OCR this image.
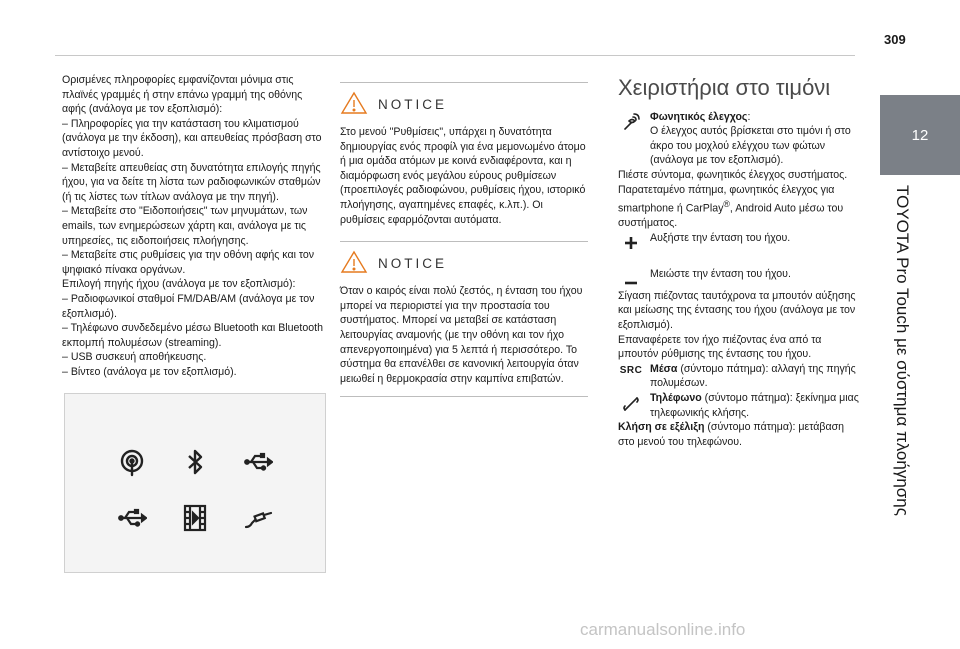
309
12
TOYOTA Pro Touch με σύστημα πλοήγησης

Ορισμένες πληροφορίες εμφανίζονται μόνιμα στις πλαϊνές γραμμές ή στην επάνω γραμμή της οθόνης αφής (ανάλογα με τον εξοπλισμό):

– Πληροφορίες για την κατάσταση του κλιματισμού (ανάλογα με την έκδοση), και απευθείας πρόσβαση στο αντίστοιχο μενού.

– Μεταβείτε απευθείας στη δυνατότητα επιλογής πηγής ήχου, για να δείτε τη λίστα των ραδιοφωνικών σταθμών (ή τις λίστες των τίτλων ανάλογα με την πηγή).

– Μεταβείτε στο "Ειδοποιήσεις" των μηνυμάτων, των emails, των ενημερώσεων χάρτη και, ανάλογα με τις υπηρεσίες, τις ειδοποιήσεις πλοήγησης.

– Μεταβείτε στις ρυθμίσεις για την οθόνη αφής και τον ψηφιακό πίνακα οργάνων.

Επιλογή πηγής ήχου (ανάλογα με τον εξοπλισμό):

– Ραδιοφωνικοί σταθμοί FM/DAB/AM (ανάλογα με τον εξοπλισμό).

– Τηλέφωνο συνδεδεμένο μέσω Bluetooth και Bluetooth εκπομπή πολυμέσων (streaming).

– USB συσκευή αποθήκευσης.

– Βίντεο (ανάλογα με τον εξοπλισμό).

NOTICE

Στο μενού "Ρυθμίσεις", υπάρχει η δυνατότητα δημιουργίας ενός προφίλ για ένα μεμονωμένο άτομο ή μια ομάδα ατόμων με κοινά ενδιαφέροντα, και η διαμόρφωση ενός μεγάλου εύρους ρυθμίσεων (προεπιλογές ραδιοφώνου, ρυθμίσεις ήχου, ιστορικό πλοήγησης, αγαπημένες επαφές, κ.λπ.). Οι ρυθμίσεις εφαρμόζονται αυτόματα.

NOTICE

Όταν ο καιρός είναι πολύ ζεστός, η ένταση του ήχου μπορεί να περιοριστεί για την προστασία του συστήματος. Μπορεί να μεταβεί σε κατάσταση λειτουργίας αναμονής (με την οθόνη και τον ήχο απενεργοποιημένα) για 5 λεπτά ή περισσότερο. Το σύστημα θα επανέλθει σε κανονική λειτουργία όταν μειωθεί η θερμοκρασία στην καμπίνα επιβατών.

Χειριστήρια στο τιμόνι

Φωνητικός έλεγχος:

Ο έλεγχος αυτός βρίσκεται στο τιμόνι ή στο άκρο του μοχλού ελέγχου των φώτων (ανάλογα με τον εξοπλισμό).

Πιέστε σύντομα, φωνητικός έλεγχος συστήματος.

Παρατεταμένο πάτημα, φωνητικός έλεγχος για smartphone ή CarPlay®, Android Auto μέσω του συστήματος.

Αυξήστε την ένταση του ήχου.

Μειώστε την ένταση του ήχου.

Σίγαση πιέζοντας ταυτόχρονα τα μπουτόν αύξησης και μείωσης της έντασης του ήχου (ανάλογα με τον εξοπλισμό).

Επαναφέρετε τον ήχο πιέζοντας ένα από τα μπουτόν ρύθμισης της έντασης του ήχου.

SRC Μέσα (σύντομο πάτημα): αλλαγή της πηγής πολυμέσων.

Τηλέφωνο (σύντομο πάτημα): ξεκίνημα μιας τηλεφωνικής κλήσης.

Κλήση σε εξέλιξη (σύντομο πάτημα): μετάβαση στο μενού του τηλεφώνου.

carmanualsonline.info
